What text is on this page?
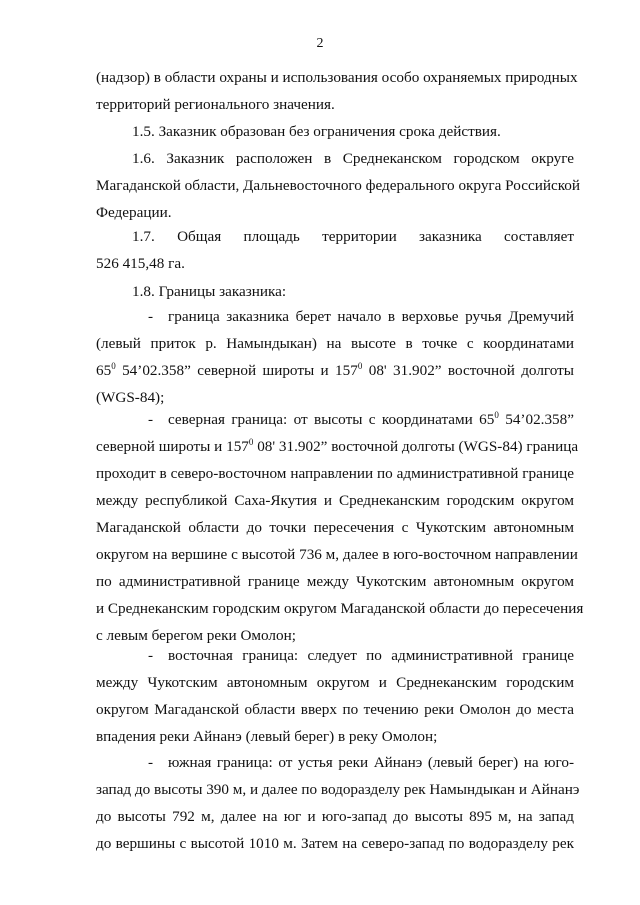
2
(надзор) в области охраны и использования особо охраняемых природных
территорий регионального значения.
1.5. Заказник образован без ограничения срока действия.
1.6. Заказник расположен в Среднеканском городском округе
Магаданской области, Дальневосточного федерального округа Российской
Федерации.
1.7. Общая площадь территории заказника составляет
526 415,48 га.
1.8. Границы заказника:
- граница заказника берет начало в верховье ручья Дремучий
(левый приток р. Намындыкан) на высоте в точке с координатами
$65^0$ 54’02.358” северной широты и $157^0$ 08' 31.902” восточной долготы
(WGS-84);
- северная граница: от высоты с координатами $65^0$ 54’02.358”
северной широты и $157^0$ 08' 31.902” восточной долготы (WGS-84) граница
проходит в северо-восточном направлении по административной границе
между республикой Саха-Якутия и Среднеканским городским округом
Магаданской области до точки пересечения с Чукотским автономным
округом на вершине с высотой 736 м, далее в юго-восточном направлении
по административной границе между Чукотским автономным округом
и Среднеканским городским округом Магаданской области до пересечения
с левым берегом реки Омолон;
- восточная граница: следует по административной границе
между Чукотским автономным округом и Среднеканским городским
округом Магаданской области вверх по течению реки Омолон до места
впадения реки Айнанэ (левый берег) в реку Омолон;
- южная граница: от устья реки Айнанэ (левый берег) на юго-
запад до высоты 390 м, и далее по водоразделу рек Намындыкан и Айнанэ
до высоты 792 м, далее на юг и юго-запад до высоты 895 м, на запад
до вершины с высотой 1010 м. Затем на северо-запад по водоразделу рек
